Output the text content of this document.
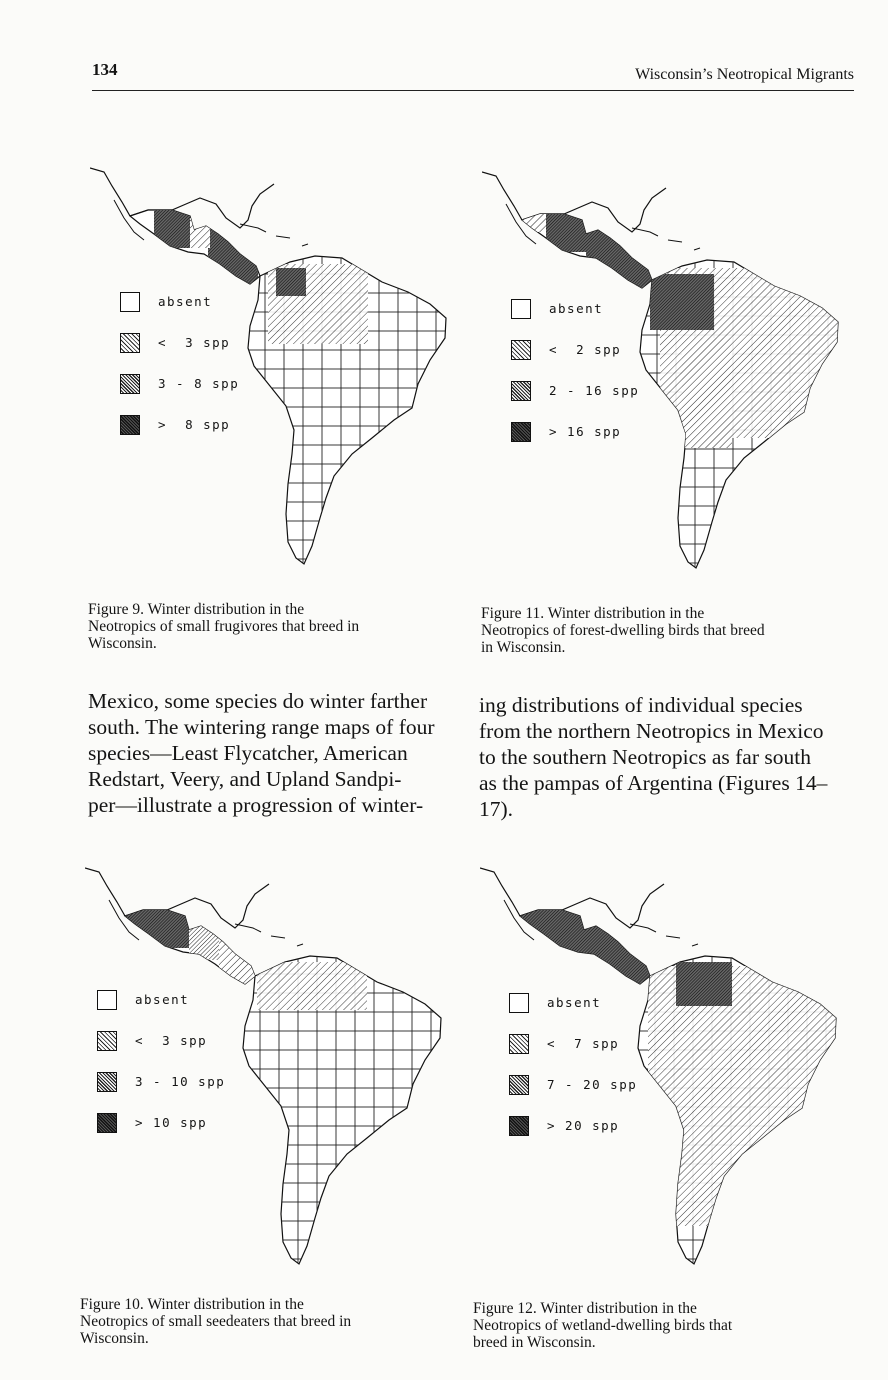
134	Wisconsin’s Neotropical Migrants
absent
<  3 spp
3 - 8 spp
>  8 spp
Figure 9. Winter distribution in the
Neotropics of small frugivores that breed in
Wisconsin.
absent
<  2 spp
2 - 16 spp
> 16 spp
Figure 11. Winter distribution in the
Neotropics of forest-dwelling birds that breed
in Wisconsin.
Mexico, some species do winter farther
south. The wintering range maps of four
species—Least Flycatcher, American
Redstart, Veery, and Upland Sandpi-
per—illustrate a progression of winter-
ing distributions of individual species
from the northern Neotropics in Mexico
to the southern Neotropics as far south
as the pampas of Argentina (Figures 14–
17).
absent
<  3 spp
3 - 10 spp
> 10 spp
Figure 10. Winter distribution in the
Neotropics of small seedeaters that breed in
Wisconsin.
absent
<  7 spp
7 - 20 spp
> 20 spp
Figure 12. Winter distribution in the
Neotropics of wetland-dwelling birds that
breed in Wisconsin.
